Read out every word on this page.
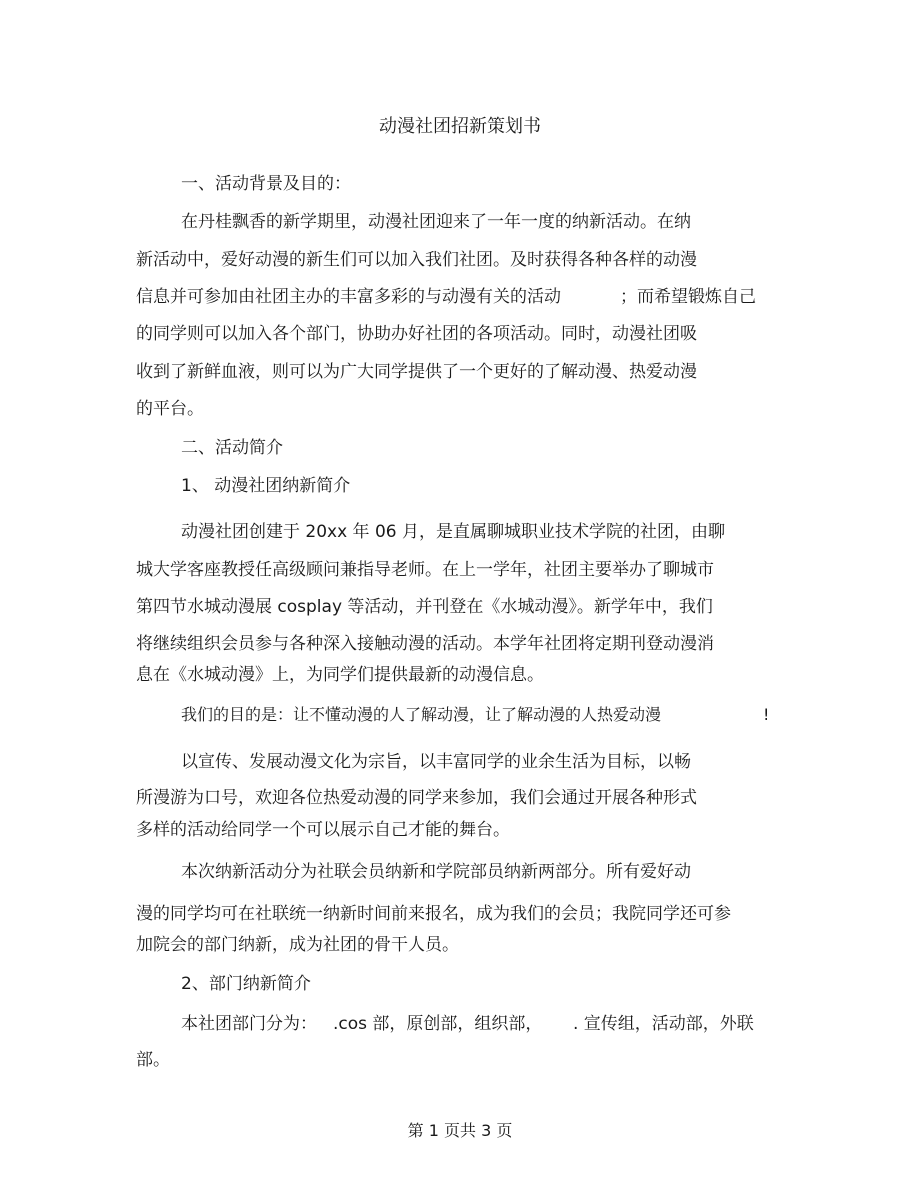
动漫社团招新策划书

一、活动背景及目的：

在丹桂飘香的新学期里，动漫社团迎来了一年一度的纳新活动。在纳

新活动中，爱好动漫的新生们可以加入我们社团。及时获得各种各样的动漫

信息并可参加由社团主办的丰富多彩的与动漫有关的活动	；而希望锻炼自己

的同学则可以加入各个部门，协助办好社团的各项活动。同时，动漫社团吸

收到了新鲜血液，则可以为广大同学提供了一个更好的了解动漫、热爱动漫

的平台。

二、活动简介

1、 动漫社团纳新简介

动漫社团创建于 20xx 年 06 月，是直属聊城职业技术学院的社团，由聊

城大学客座教授任高级顾问兼指导老师。在上一学年，社团主要举办了聊城市

第四节水城动漫展 cosplay 等活动，并刊登在《水城动漫》。新学年中，我们

将继续组织会员参与各种深入接触动漫的活动。本学年社团将定期刊登动漫消

息在《水城动漫》上，为同学们提供最新的动漫信息。

我们的目的是：让不懂动漫的人了解动漫，让了解动漫的人热爱动漫	!

以宣传、发展动漫文化为宗旨，以丰富同学的业余生活为目标，以畅

所漫游为口号，欢迎各位热爱动漫的同学来参加，我们会通过开展各种形式

多样的活动给同学一个可以展示自己才能的舞台。

本次纳新活动分为社联会员纳新和学院部员纳新两部分。所有爱好动

漫的同学均可在社联统一纳新时间前来报名，成为我们的会员；我院同学还可参

加院会的部门纳新，成为社团的骨干人员。

2、部门纳新简介

本社团部门分为： .cos 部，原创部，组织部， . 宣传组，活动部，外联

部。

第 1 页共 3 页
